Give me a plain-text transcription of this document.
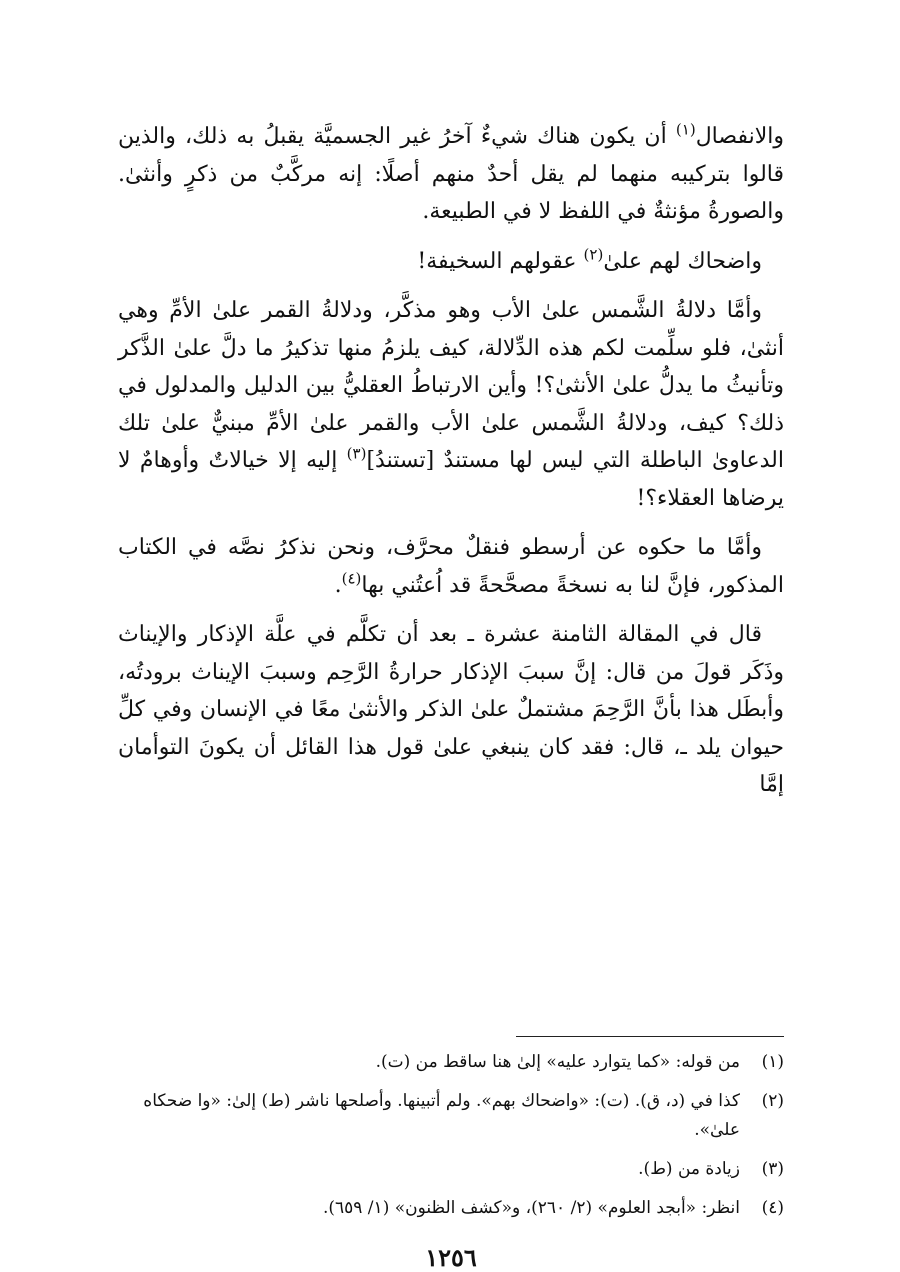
والانفصال$^{(١)}$ أن يكون هناك شيءٌ آخرُ غير الجسميَّة يقبلُ به ذلك، والذين قالوا بتركيبه منهما لم يقل أحدٌ منهم أصلًا: إنه مركَّبٌ من ذكرٍ وأنثىٰ. والصورةُ مؤنثةٌ في اللفظ لا في الطبيعة.

واضحاك لهم علىٰ$^{(٢)}$ عقولهم السخيفة!

وأمَّا دلالةُ الشَّمس علىٰ الأب وهو مذكَّر، ودلالةُ القمر علىٰ الأمِّ وهي أنثىٰ، فلو سلِّمت لكم هذه الدِّلالة، كيف يلزمُ منها تذكيرُ ما دلَّ علىٰ الذَّكر وتأنيثُ ما يدلُّ علىٰ الأنثىٰ؟! وأين الارتباطُ العقليُّ بين الدليل والمدلول في ذلك؟ كيف، ودلالةُ الشَّمس علىٰ الأب والقمر علىٰ الأمِّ مبنيٌّ علىٰ تلك الدعاوىٰ الباطلة التي ليس لها مستندٌ [تستندُ]$^{(٣)}$ إليه إلا خيالاتٌ وأوهامٌ لا يرضاها العقلاء؟!

وأمَّا ما حكوه عن أرسطو فنقلٌ محرَّف، ونحن نذكرُ نصَّه في الكتاب المذكور، فإنَّ لنا به نسخةً مصحَّحةً قد اُعتُني بها$^{(٤)}$.

قال في المقالة الثامنة عشرة ـ بعد أن تكلَّم في علَّة الإذكار والإيناث وذَكَر قولَ من قال: إنَّ سببَ الإذكار حرارةُ الرَّحِم وسببَ الإيناث برودتُه، وأبطَل هذا بأنَّ الرَّحِمَ مشتملٌ علىٰ الذكر والأنثىٰ معًا في الإنسان وفي كلِّ حيوان يلد ـ، قال: فقد كان ينبغي علىٰ قول هذا القائل أن يكونَ التوأمان إمَّا

(١)
من قوله: «كما يتوارد عليه» إلىٰ هنا ساقط من (ت).
(٢)
كذا في (د، ق). (ت): «واضحاك بهم». ولم أتبينها. وأصلحها ناشر (ط) إلىٰ: «وا ضحكاه علىٰ».
(٣)
زيادة من (ط).
(٤)
انظر: «أبجد العلوم» (٢/ ٢٦٠)، و«كشف الظنون» (١/ ٦٥٩).
١٢٥٦
